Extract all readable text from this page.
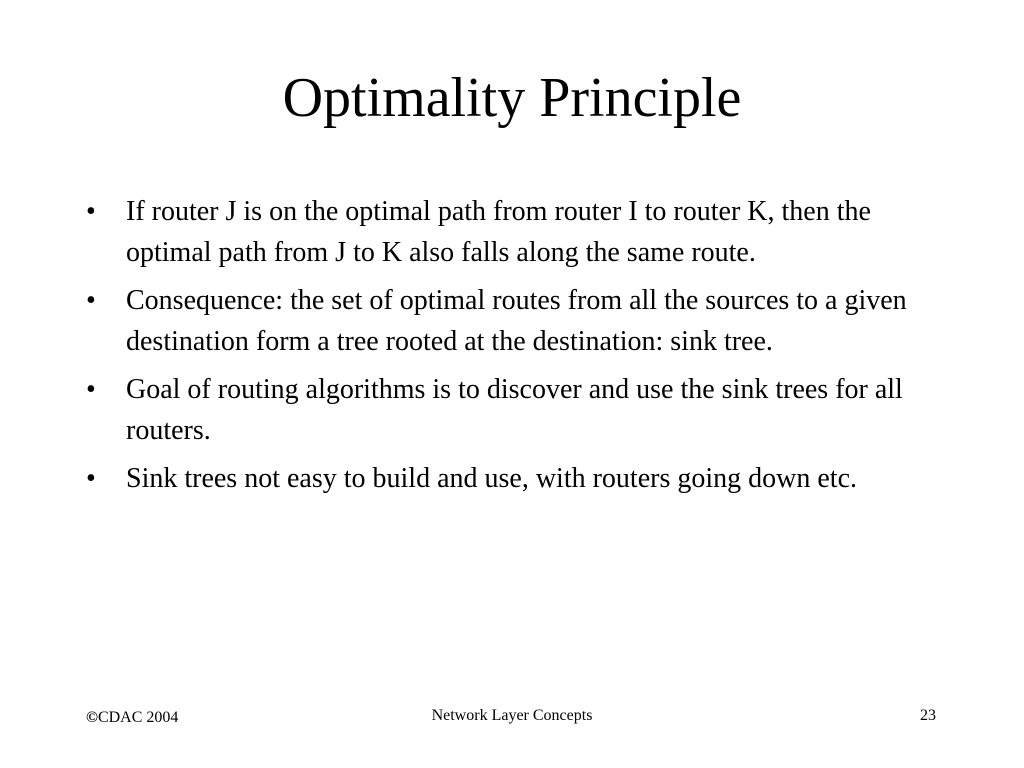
Optimality Principle
• If router J is on the optimal path from router I to router K, then the optimal path from J to K also falls along the same route.
• Consequence: the set of optimal routes from all the sources to a given destination form a tree rooted at the destination: sink tree.
• Goal of routing algorithms is to discover and use the sink trees for all routers.
• Sink trees not easy to build and use, with routers going down etc.
©CDAC 2004	Network Layer Concepts	23
